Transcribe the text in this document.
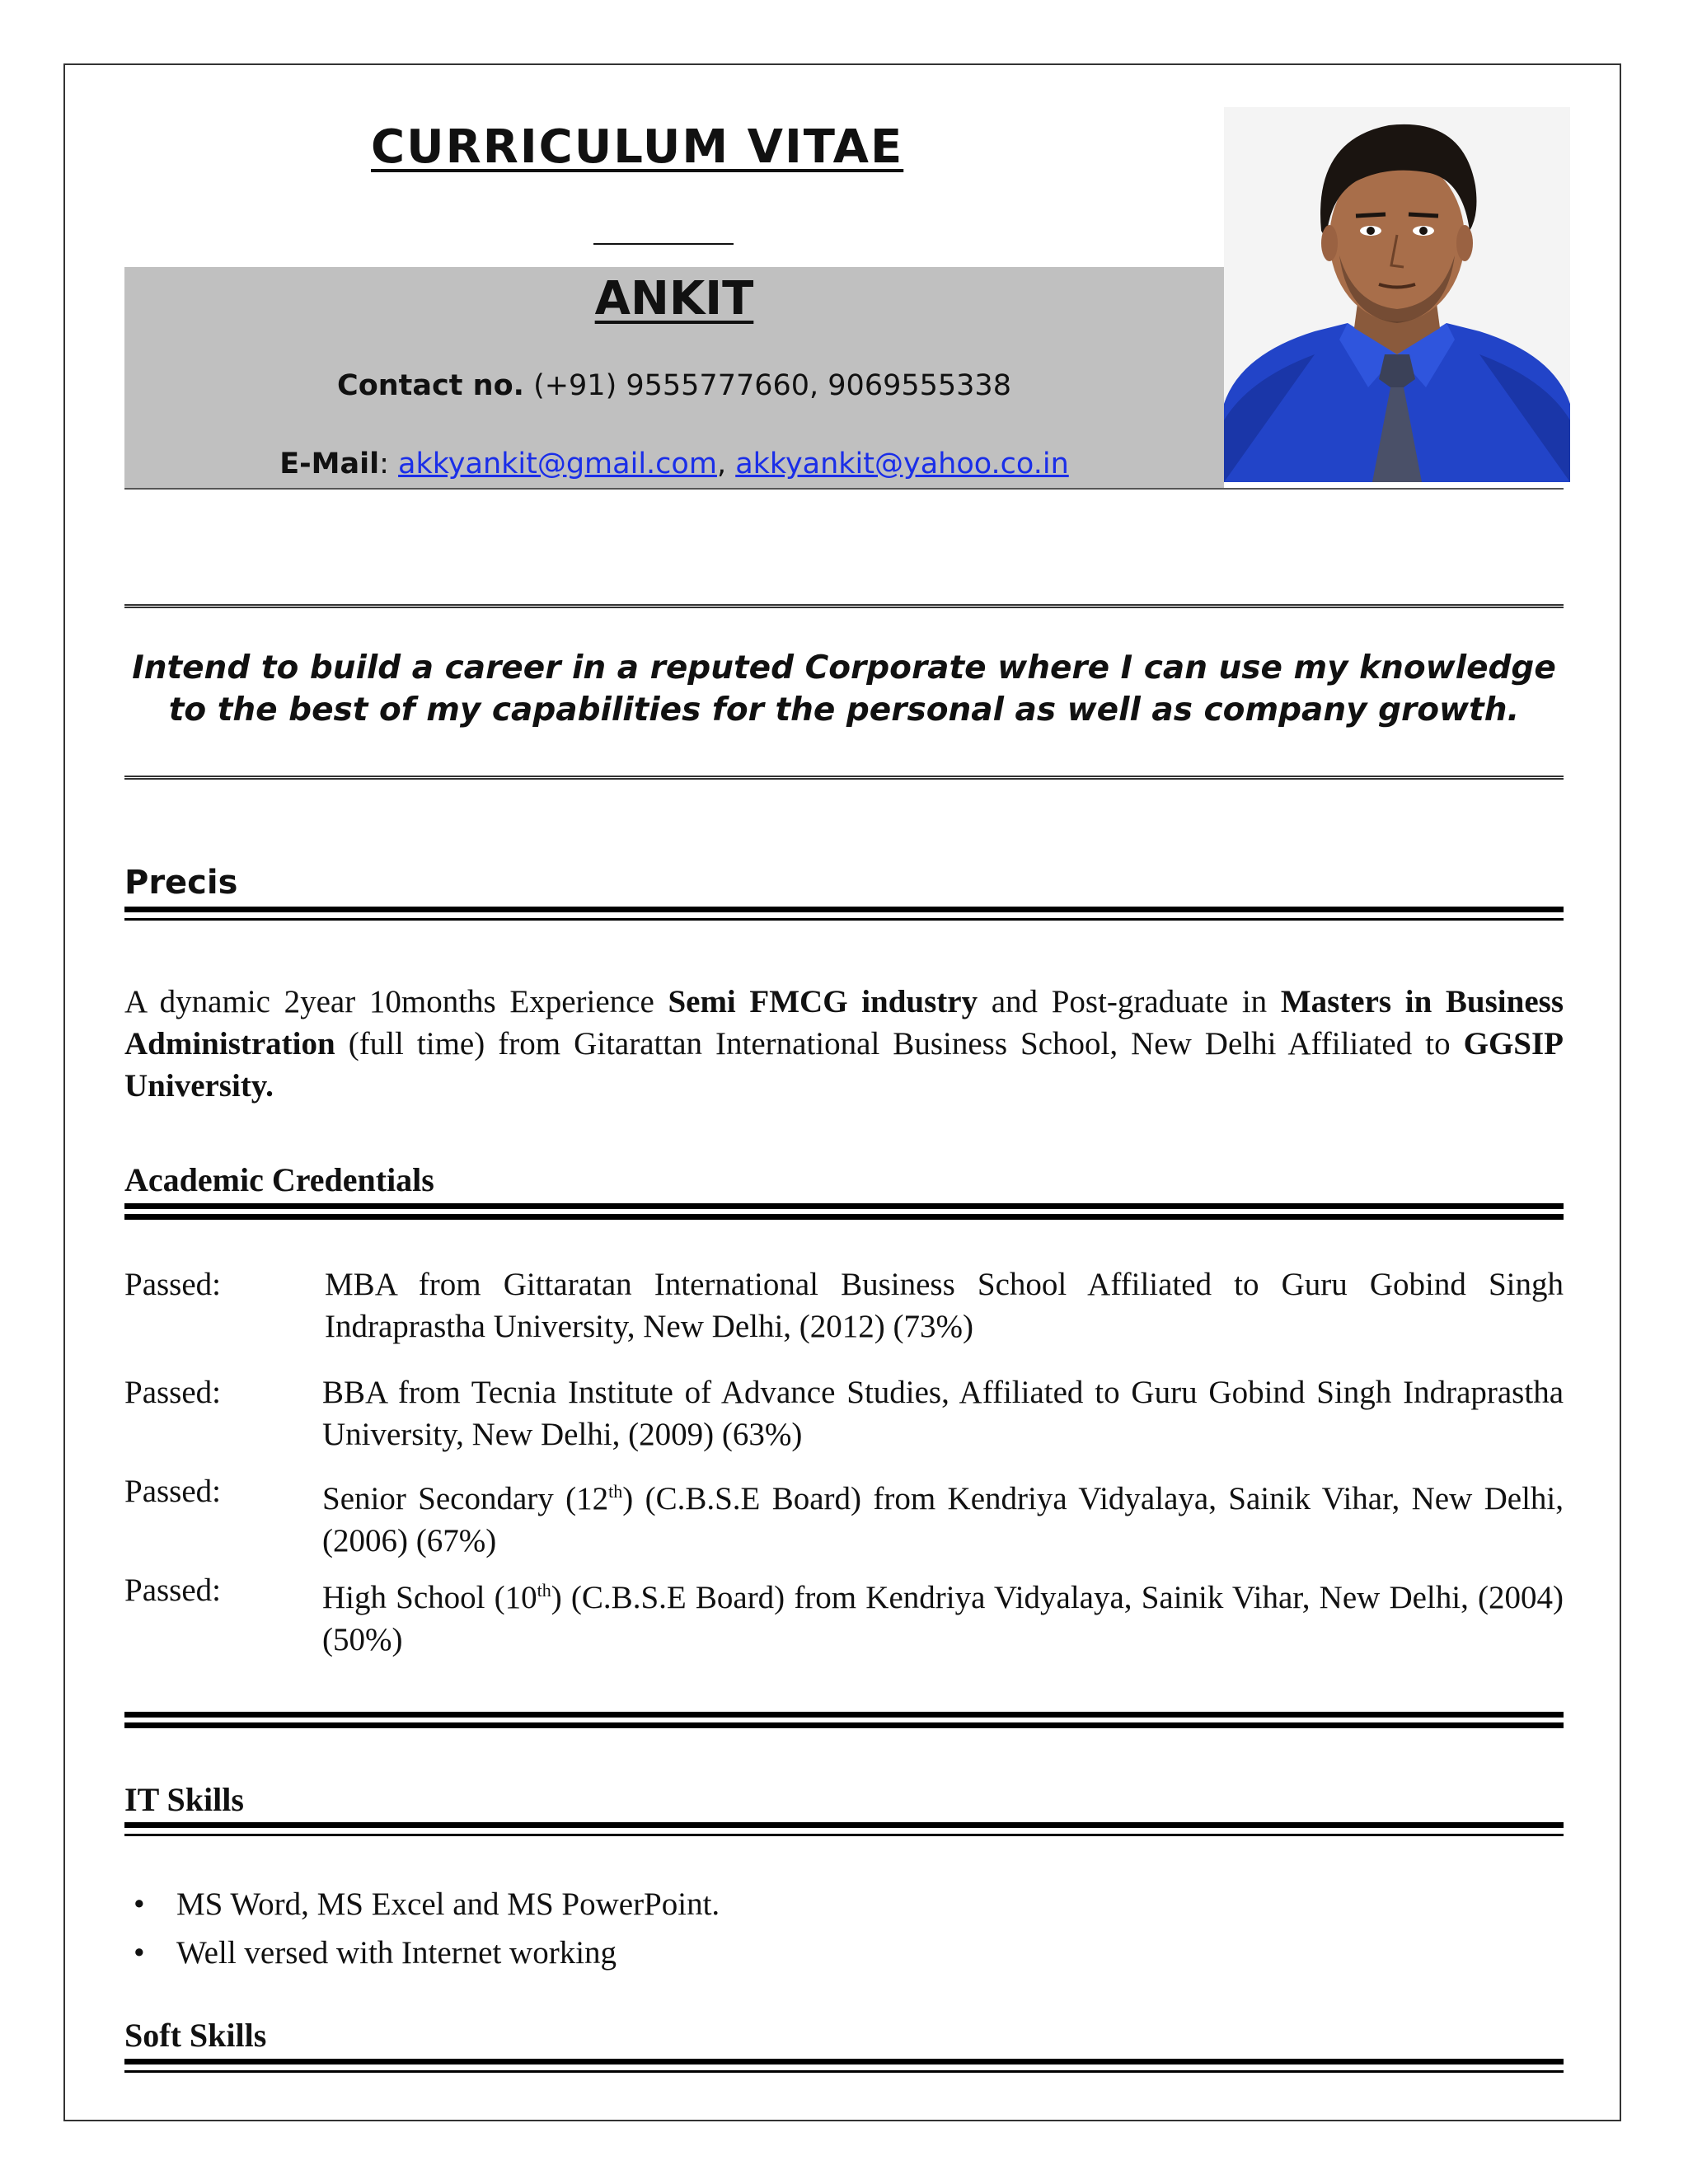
CURRICULUM VITAE
ANKIT
Contact no. (+91) 9555777660, 9069555338
E-Mail: akkyankit@gmail.com, akkyankit@yahoo.co.in
Intend to build a career in a reputed Corporate where I can use my knowledge to the best of my capabilities for the personal as well as company growth.
Precis
A dynamic 2year 10months Experience Semi FMCG industry and Post-graduate in Masters in Business Administration (full time) from Gitarattan International Business School, New Delhi Affiliated to GGSIP University.
Academic Credentials
Passed:	MBA from Gittaratan International Business School Affiliated to Guru Gobind Singh Indraprastha University, New Delhi, (2012) (73%)
Passed:	BBA from Tecnia Institute of Advance Studies, Affiliated to Guru Gobind Singh Indraprastha University, New Delhi, (2009) (63%)
Passed:	Senior Secondary (12th) (C.B.S.E Board) from Kendriya Vidyalaya, Sainik Vihar, New Delhi, (2006) (67%)
Passed:	High School (10th) (C.B.S.E Board) from Kendriya Vidyalaya, Sainik Vihar, New Delhi, (2004) (50%)
IT Skills
• MS Word, MS Excel and MS PowerPoint.
• Well versed with Internet working
Soft Skills
